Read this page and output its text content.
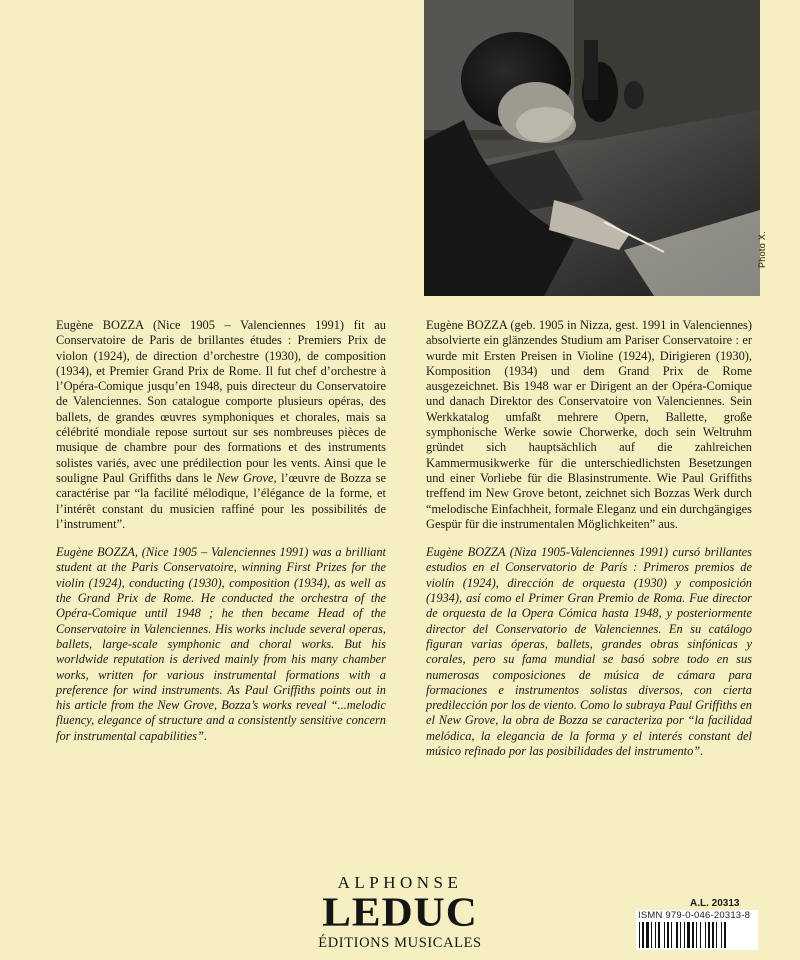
Photo X.

Eugène BOZZA (Nice 1905 – Valenciennes 1991) fit au Conservatoire de Paris de brillantes études : Premiers Prix de violon (1924), de direction d’orchestre (1930), de composition (1934), et Premier Grand Prix de Rome. Il fut chef d’orchestre à l’Opéra-Comique jusqu’en 1948, puis directeur du Conservatoire de Valenciennes. Son catalogue comporte plusieurs opéras, des ballets, de grandes œuvres symphoniques et chorales, mais sa célébrité mondiale repose surtout sur ses nombreuses pièces de musique de chambre pour des formations et des instruments solistes variés, avec une prédilection pour les vents. Ainsi que le souligne Paul Griffiths dans le New Grove, l’œuvre de Bozza se caractérise par “la facilité mélodique, l’élégance de la forme, et l’intérêt constant du musicien raffiné pour les possibilités de l’instrument”.

Eugène BOZZA, (Nice 1905 – Valenciennes 1991) was a brilliant student at the Paris Conservatoire, winning First Prizes for the violin (1924), conducting (1930), composition (1934), as well as the Grand Prix de Rome. He conducted the orchestra of the Opéra-Comique until 1948 ; he then became Head of the Conservatoire in Valenciennes. His works include several operas, ballets, large-scale symphonic and choral works. But his worldwide reputation is derived mainly from his many chamber works, written for various instrumental formations with a preference for wind instruments. As Paul Griffiths points out in his article from the New Grove, Bozza’s works reveal “...melodic fluency, elegance of structure and a consistently sensitive concern for instrumental capabilities”.

Eugène BOZZA (geb. 1905 in Nizza, gest. 1991 in Valenciennes) absolvierte ein glänzendes Studium am Pariser Conservatoire : er wurde mit Ersten Preisen in Violine (1924), Dirigieren (1930), Komposition (1934) und dem Grand Prix de Rome ausgezeichnet. Bis 1948 war er Dirigent an der Opéra-Comique und danach Direktor des Conservatoire von Valenciennes. Sein Werkkatalog umfaßt mehrere Opern, Ballette, große symphonische Werke sowie Chorwerke, doch sein Weltruhm gründet sich hauptsächlich auf die zahlreichen Kammermusikwerke für die unterschiedlichsten Besetzungen und einer Vorliebe für die Blasinstrumente. Wie Paul Griffiths treffend im New Grove betont, zeichnet sich Bozzas Werk durch “melodische Einfachheit, formale Eleganz und ein durchgängiges Gespür für die instrumentalen Möglichkeiten” aus.

Eugène BOZZA (Niza 1905-Valenciennes 1991) cursó brillantes estudios en el Conservatorio de París : Primeros premios de violín (1924), dirección de orquesta (1930) y composición (1934), así como el Primer Gran Premio de Roma. Fue director de orquesta de la Opera Cómica hasta 1948, y posteriormente director del Conservatorio de Valenciennes. En su catálogo figuran varias óperas, ballets, grandes obras sinfónicas y corales, pero su fama mundial se basó sobre todo en sus numerosas composiciones de música de cámara para formaciones e instrumentos solistas diversos, con cierta predilección por los de viento. Como lo subraya Paul Griffiths en el New Grove, la obra de Bozza se caracteriza por “la facilidad melódica, la elegancia de la forma y el interés constant del músico refinado por las posibilidades del instrumento”.

ALPHONSE
LEDUC
ÉDITIONS MUSICALES
A.L. 20313
ISMN 979-0-046-20313-8
